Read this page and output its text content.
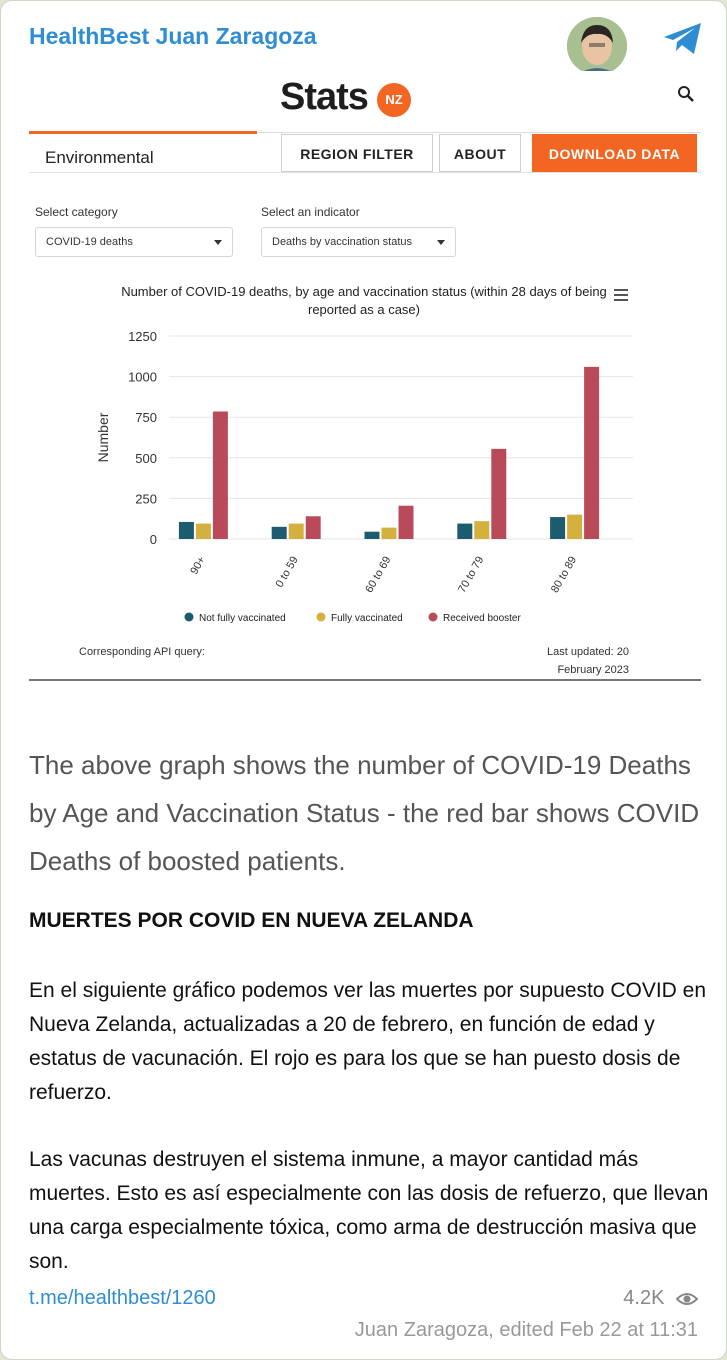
HealthBest Juan Zaragoza
Stats	NZ
Environmental	REGION FILTER	ABOUT	DOWNLOAD DATA
Select category
COVID-19 deaths
Select an indicator
Deaths by vaccination status
Number of COVID-19 deaths, by age and vaccination status (within 28 days of being reported as a case)
0
250
500
750
1000
1250
Number
90+	0 to 59	60 to 69	70 to 79	80 to 89
Not fully vaccinated	Fully vaccinated	Received booster
Corresponding API query:	Last updated: 20 February 2023
The above graph shows the number of COVID-19 Deaths by Age and Vaccination Status - the red bar shows COVID Deaths of boosted patients.
MUERTES POR COVID EN NUEVA ZELANDA
En el siguiente gráfico podemos ver las muertes por supuesto COVID en Nueva Zelanda, actualizadas a 20 de febrero, en función de edad y estatus de vacunación. El rojo es para los que se han puesto dosis de refuerzo.
Las vacunas destruyen el sistema inmune, a mayor cantidad más muertes. Esto es así especialmente con las dosis de refuerzo, que llevan una carga especialmente tóxica, como arma de destrucción masiva que son.
t.me/healthbest/1260	4.2K
Juan Zaragoza, edited Feb 22 at 11:31
